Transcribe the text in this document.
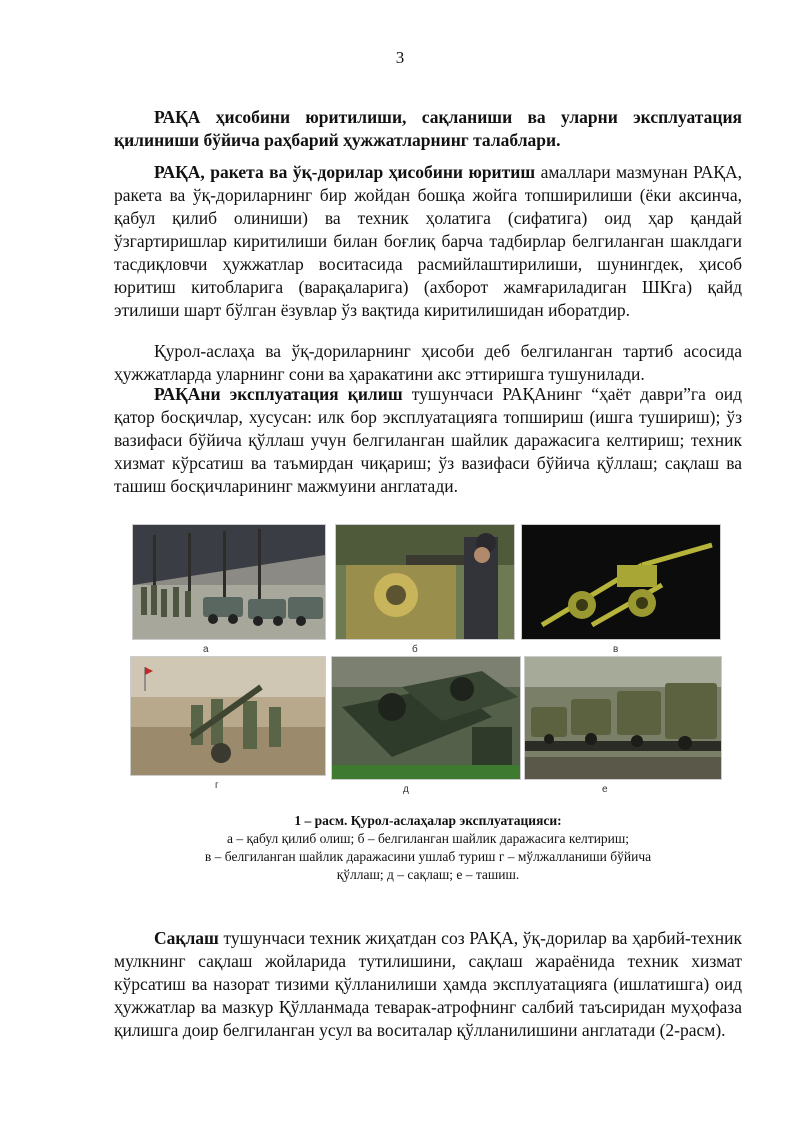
3

РАҚА ҳисобини юритилиши, сақланиши ва уларни эксплуатация қилиниши бўйича раҳбарий ҳужжатларнинг талаблари.

РАҚА, ракета ва ўқ-дорилар ҳисобини юритиш амаллари мазмунан РАҚА, ракета ва ўқ-дориларнинг бир жойдан бошқа жойга топширилиши (ёки аксинча, қабул қилиб олиниши) ва техник ҳолатига (сифатига) оид ҳар қандай ўзгартиришлар киритилиши билан боғлиқ барча тадбирлар белгиланган шаклдаги тасдиқловчи ҳужжатлар воситасида расмийлаштирилиши, шунингдек, ҳисоб юритиш китобларига (варақаларига) (ахборот жамғариладиган ШКга) қайд этилиши шарт бўлган ёзувлар ўз вақтида киритилишидан иборатдир.

Қурол-аслаҳа ва ўқ-дориларнинг ҳисоби деб белгиланган тартиб асосида ҳужжатларда уларнинг сони ва ҳаракатини акс эттиришга тушунилади.

РАҚАни эксплуатация қилиш тушунчаси РАҚАнинг “ҳаёт даври”га оид қатор босқичлар, хусусан: илк бор эксплуатацияга топшириш (ишга тушириш); ўз вазифаси бўйича қўллаш учун белгиланган шайлик даражасига келтириш; техник хизмат кўрсатиш ва таъмирдан чиқариш; ўз вазифаси бўйича қўллаш; сақлаш ва ташиш босқичларининг мажмуини англатади.

а	б	в
г	д	е
1 – расм. Қурол-аслаҳалар эксплуатацияси:
а – қабул қилиб олиш; б – белгиланган шайлик даражасига келтириш;
в – белгиланган шайлик даражасини ушлаб туриш г – мўлжалланиши бўйича
қўллаш; д – сақлаш; е – ташиш.

Сақлаш тушунчаси техник жиҳатдан соз РАҚА, ўқ-дорилар ва ҳарбий-техник мулкнинг сақлаш жойларида тутилишини, сақлаш жараёнида техник хизмат кўрсатиш ва назорат тизими қўлланилиши ҳамда эксплуатацияга (ишлатишга) оид ҳужжатлар ва мазкур Қўлланмада теварак-атрофнинг салбий таъсиридан муҳофаза қилишга доир белгиланган усул ва воситалар қўлланилишини англатади (2-расм).
